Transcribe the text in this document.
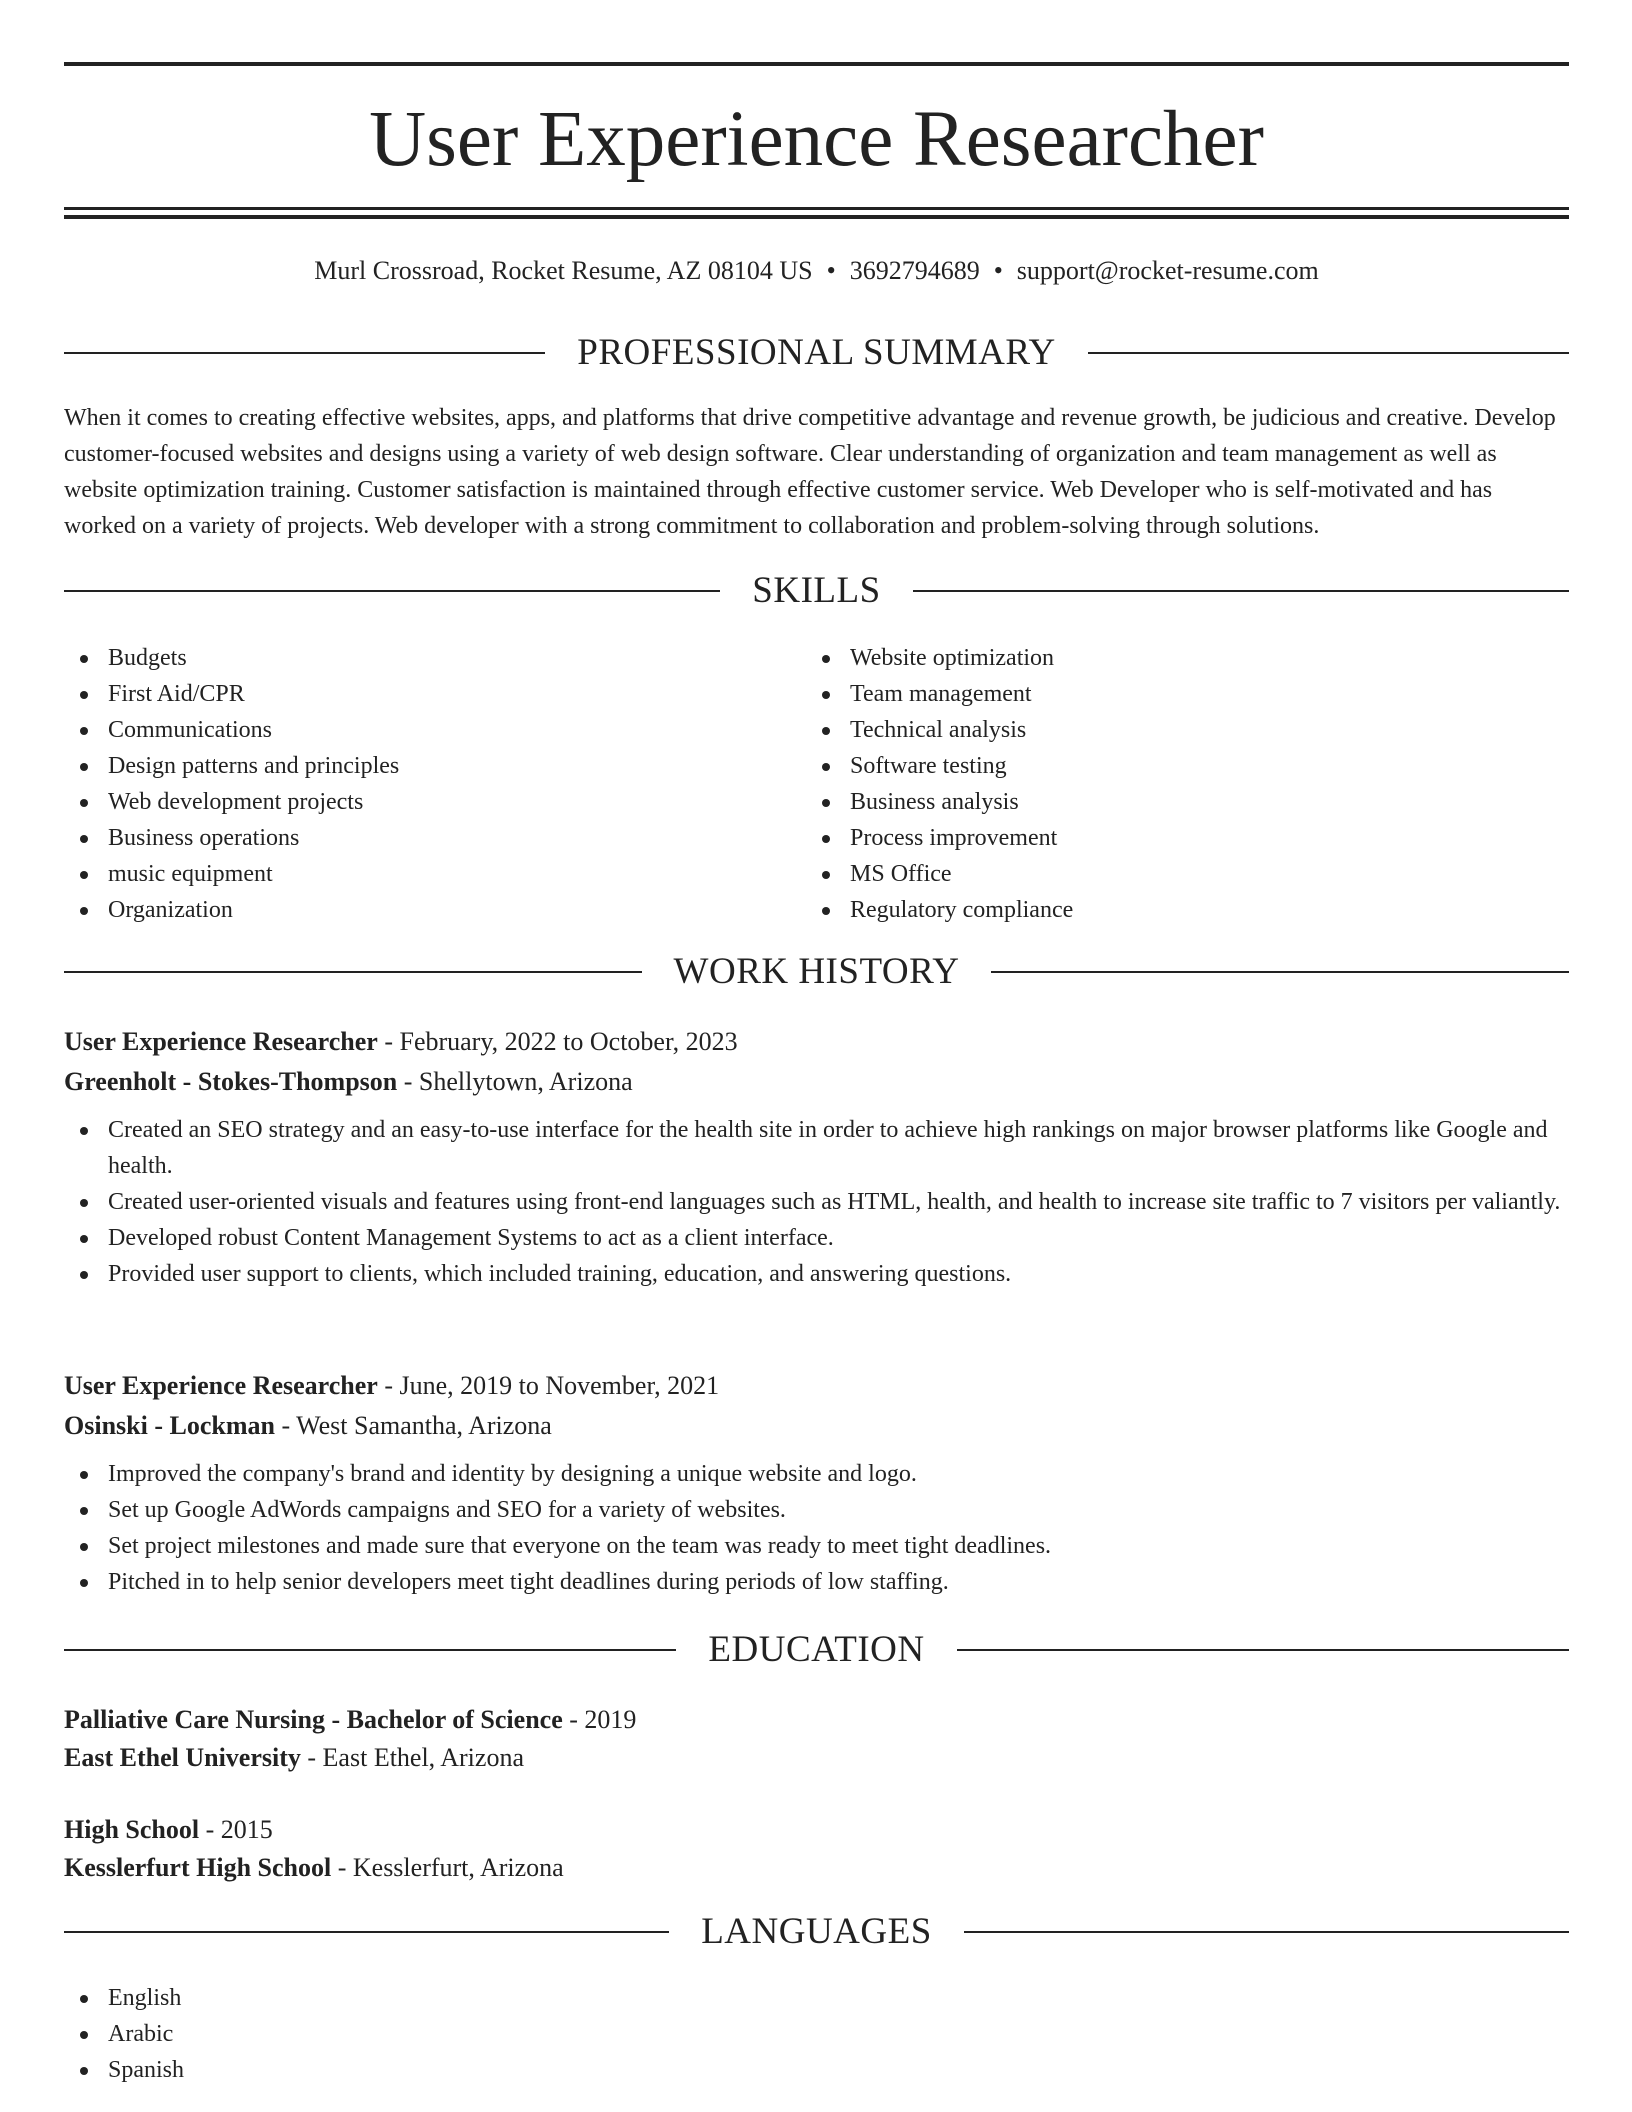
User Experience Researcher
Murl Crossroad, Rocket Resume, AZ 08104 US • 3692794689 • support@rocket-resume.com
PROFESSIONAL SUMMARY

When it comes to creating effective websites, apps, and platforms that drive competitive advantage and revenue growth, be judicious and creative. Develop customer-focused websites and designs using a variety of web design software. Clear understanding of organization and team management as well as website optimization training. Customer satisfaction is maintained through effective customer service. Web Developer who is self-motivated and has worked on a variety of projects. Web developer with a strong commitment to collaboration and problem-solving through solutions.

SKILLS
Budgets
First Aid/CPR
Communications
Design patterns and principles
Web development projects
Business operations
music equipment
Organization
Website optimization
Team management
Technical analysis
Software testing
Business analysis
Process improvement
MS Office
Regulatory compliance
WORK HISTORY
User Experience Researcher - February, 2022 to October, 2023
Greenholt - Stokes-Thompson - Shellytown, Arizona
Created an SEO strategy and an easy-to-use interface for the health site in order to achieve high rankings on major browser platforms like Google and health.
Created user-oriented visuals and features using front-end languages such as HTML, health, and health to increase site traffic to 7 visitors per valiantly.
Developed robust Content Management Systems to act as a client interface.
Provided user support to clients, which included training, education, and answering questions.
User Experience Researcher - June, 2019 to November, 2021
Osinski - Lockman - West Samantha, Arizona
Improved the company's brand and identity by designing a unique website and logo.
Set up Google AdWords campaigns and SEO for a variety of websites.
Set project milestones and made sure that everyone on the team was ready to meet tight deadlines.
Pitched in to help senior developers meet tight deadlines during periods of low staffing.
EDUCATION
Palliative Care Nursing - Bachelor of Science - 2019
East Ethel University - East Ethel, Arizona
High School - 2015
Kesslerfurt High School - Kesslerfurt, Arizona
LANGUAGES
English
Arabic
Spanish
